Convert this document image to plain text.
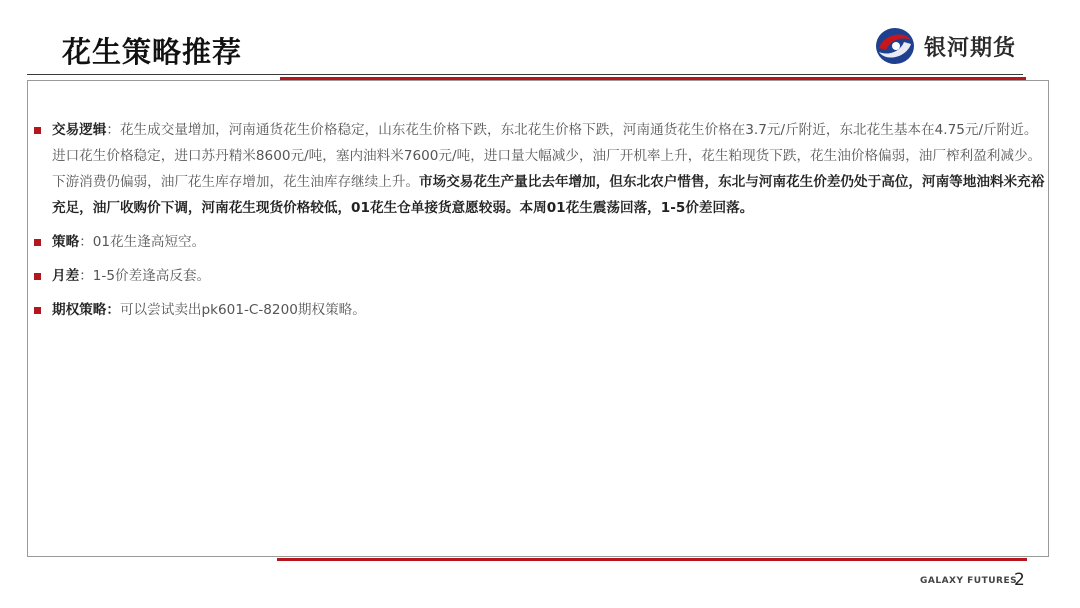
花生策略推荐	银河期货
交易逻辑：花生成交量增加，河南通货花生价格稳定，山东花生价格下跌，东北花生价格下跌，河南通货花生价格在3.7元/斤附近，东北花生基本在4.75元/斤附近。进口花生价格稳定，进口苏丹精米8600元/吨，塞内油料米7600元/吨，进口量大幅减少，油厂开机率上升，花生粕现货下跌，花生油价格偏弱，油厂榨利盈利减少。下游消费仍偏弱，油厂花生库存增加，花生油库存继续上升。市场交易花生产量比去年增加，但东北农户惜售，东北与河南花生价差仍处于高位，河南等地油料米充裕充足，油厂收购价下调，河南花生现货价格较低，01花生仓单接货意愿较弱。本周01花生震荡回落，1-5价差回落。
策略：01花生逢高短空。
月差：1-5价差逢高反套。
期权策略：可以尝试卖出pk601-C-8200期权策略。
GALAXY FUTURES
2
